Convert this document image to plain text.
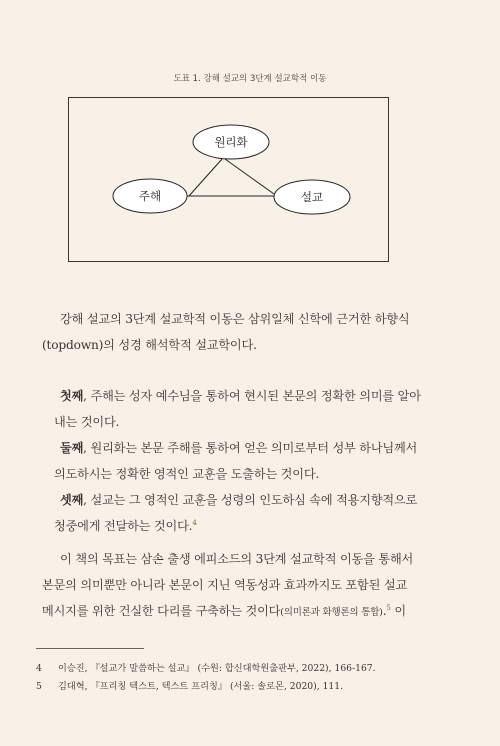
도표 1. 강해 설교의 3단계 설교학적 이동
원리화
주해	설교
강해 설교의 3단계 설교학적 이동은 삼위일체 신학에 근거한 하향식
(topdown)의 성경 해석학적 설교학이다.
첫째, 주해는 성자 예수님을 통하여 현시된 본문의 정확한 의미를 알아
내는 것이다.
둘째, 원리화는 본문 주해를 통하여 얻은 의미로부터 성부 하나님께서
의도하시는 정확한 영적인 교훈을 도출하는 것이다.
셋째, 설교는 그 영적인 교훈을 성령의 인도하심 속에 적용지향적으로
청중에게 전달하는 것이다.$^4$
이 책의 목표는 삼손 출생 에피소드의 3단계 설교학적 이동을 통해서
본문의 의미뿐만 아니라 본문이 지닌 역동성과 효과까지도 포함된 설교
메시지를 위한 건실한 다리를 구축하는 것이다(의미론과 화행론의 통합).$^5$ 이
4 이승진, 『설교가 말씀하는 설교』 (수원: 합신대학원출판부, 2022), 166-167.
5 김대혁, 『프리칭 텍스트, 텍스트 프리칭』 (서울: 솔로몬, 2020), 111.
